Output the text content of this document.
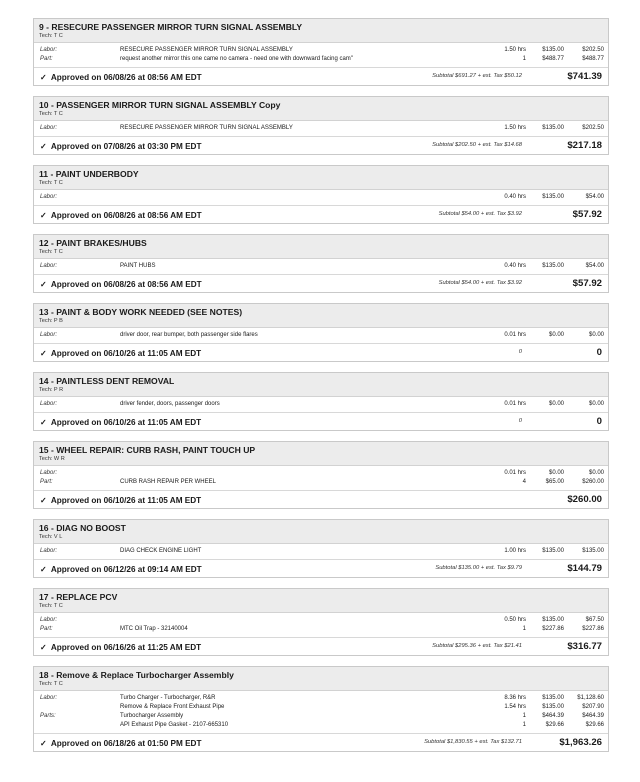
9 - RESECURE PASSENGER MIRROR TURN SIGNAL ASSEMBLY
Tech: T C
Labor:	RESECURE PASSENGER MIRROR TURN SIGNAL ASSEMBLY	1.50 hrs	$135.00	$202.50
Part:	request another mirror this one came no camera - need one with downward facing cam"	1	$488.77	$488.77
✓ Approved on 06/08/26 at 08:56 AM EDT	Subtotal $691.27 + est. Tax $50.12	$741.39
10 - PASSENGER MIRROR TURN SIGNAL ASSEMBLY Copy
Tech: T C
Labor:	RESECURE PASSENGER MIRROR TURN SIGNAL ASSEMBLY	1.50 hrs	$135.00	$202.50
✓ Approved on 07/08/26 at 03:30 PM EDT	Subtotal $202.50 + est. Tax $14.68	$217.18
11 - PAINT UNDERBODY
Tech: T C
Labor:	0.40 hrs	$135.00	$54.00
✓ Approved on 06/08/26 at 08:56 AM EDT	Subtotal $54.00 + est. Tax $3.92	$57.92
12 - PAINT BRAKES/HUBS
Tech: T C
Labor:	PAINT HUBS	0.40 hrs	$135.00	$54.00
✓ Approved on 06/08/26 at 08:56 AM EDT	Subtotal $54.00 + est. Tax $3.92	$57.92
13 - PAINT & BODY WORK NEEDED (SEE NOTES)
Tech: P B
Labor:	driver door, rear bumper, both passenger side flares	0.01 hrs	$0.00	$0.00
✓ Approved on 06/10/26 at 11:05 AM EDT	0	0
14 - PAINTLESS DENT REMOVAL
Tech: P R
Labor:	driver fender, doors, passenger doors	0.01 hrs	$0.00	$0.00
✓ Approved on 06/10/26 at 11:05 AM EDT	0	0
15 - WHEEL REPAIR: CURB RASH, PAINT TOUCH UP
Tech: W R
Labor:	0.01 hrs	$0.00	$0.00
Part:	CURB RASH REPAIR PER WHEEL	4	$65.00	$260.00
✓ Approved on 06/10/26 at 11:05 AM EDT	$260.00
16 - DIAG NO BOOST
Tech: V L
Labor:	DIAG CHECK ENGINE LIGHT	1.00 hrs	$135.00	$135.00
✓ Approved on 06/12/26 at 09:14 AM EDT	Subtotal $135.00 + est. Tax $9.79	$144.79
17 - REPLACE PCV
Tech: T C
Labor:	0.50 hrs	$135.00	$67.50
Part:	MTC Oil Trap - 32140004	1	$227.86	$227.86
✓ Approved on 06/16/26 at 11:25 AM EDT	Subtotal $295.36 + est. Tax $21.41	$316.77
18 - Remove & Replace Turbocharger Assembly
Tech: T C
Labor:	Turbo Charger - Turbocharger, R&R	8.36 hrs	$135.00 $1,128.60
Remove & Replace Front Exhaust Pipe	1.54 hrs	$135.00	$207.90
Parts:	Turbocharger Assembly	1	$464.39	$464.39
API Exhaust Pipe Gasket - 2107-665310	1	$29.66	$29.66
✓ Approved on 06/18/26 at 01:50 PM EDT	Subtotal $1,830.55 + est. Tax $132.71	$1,963.26
